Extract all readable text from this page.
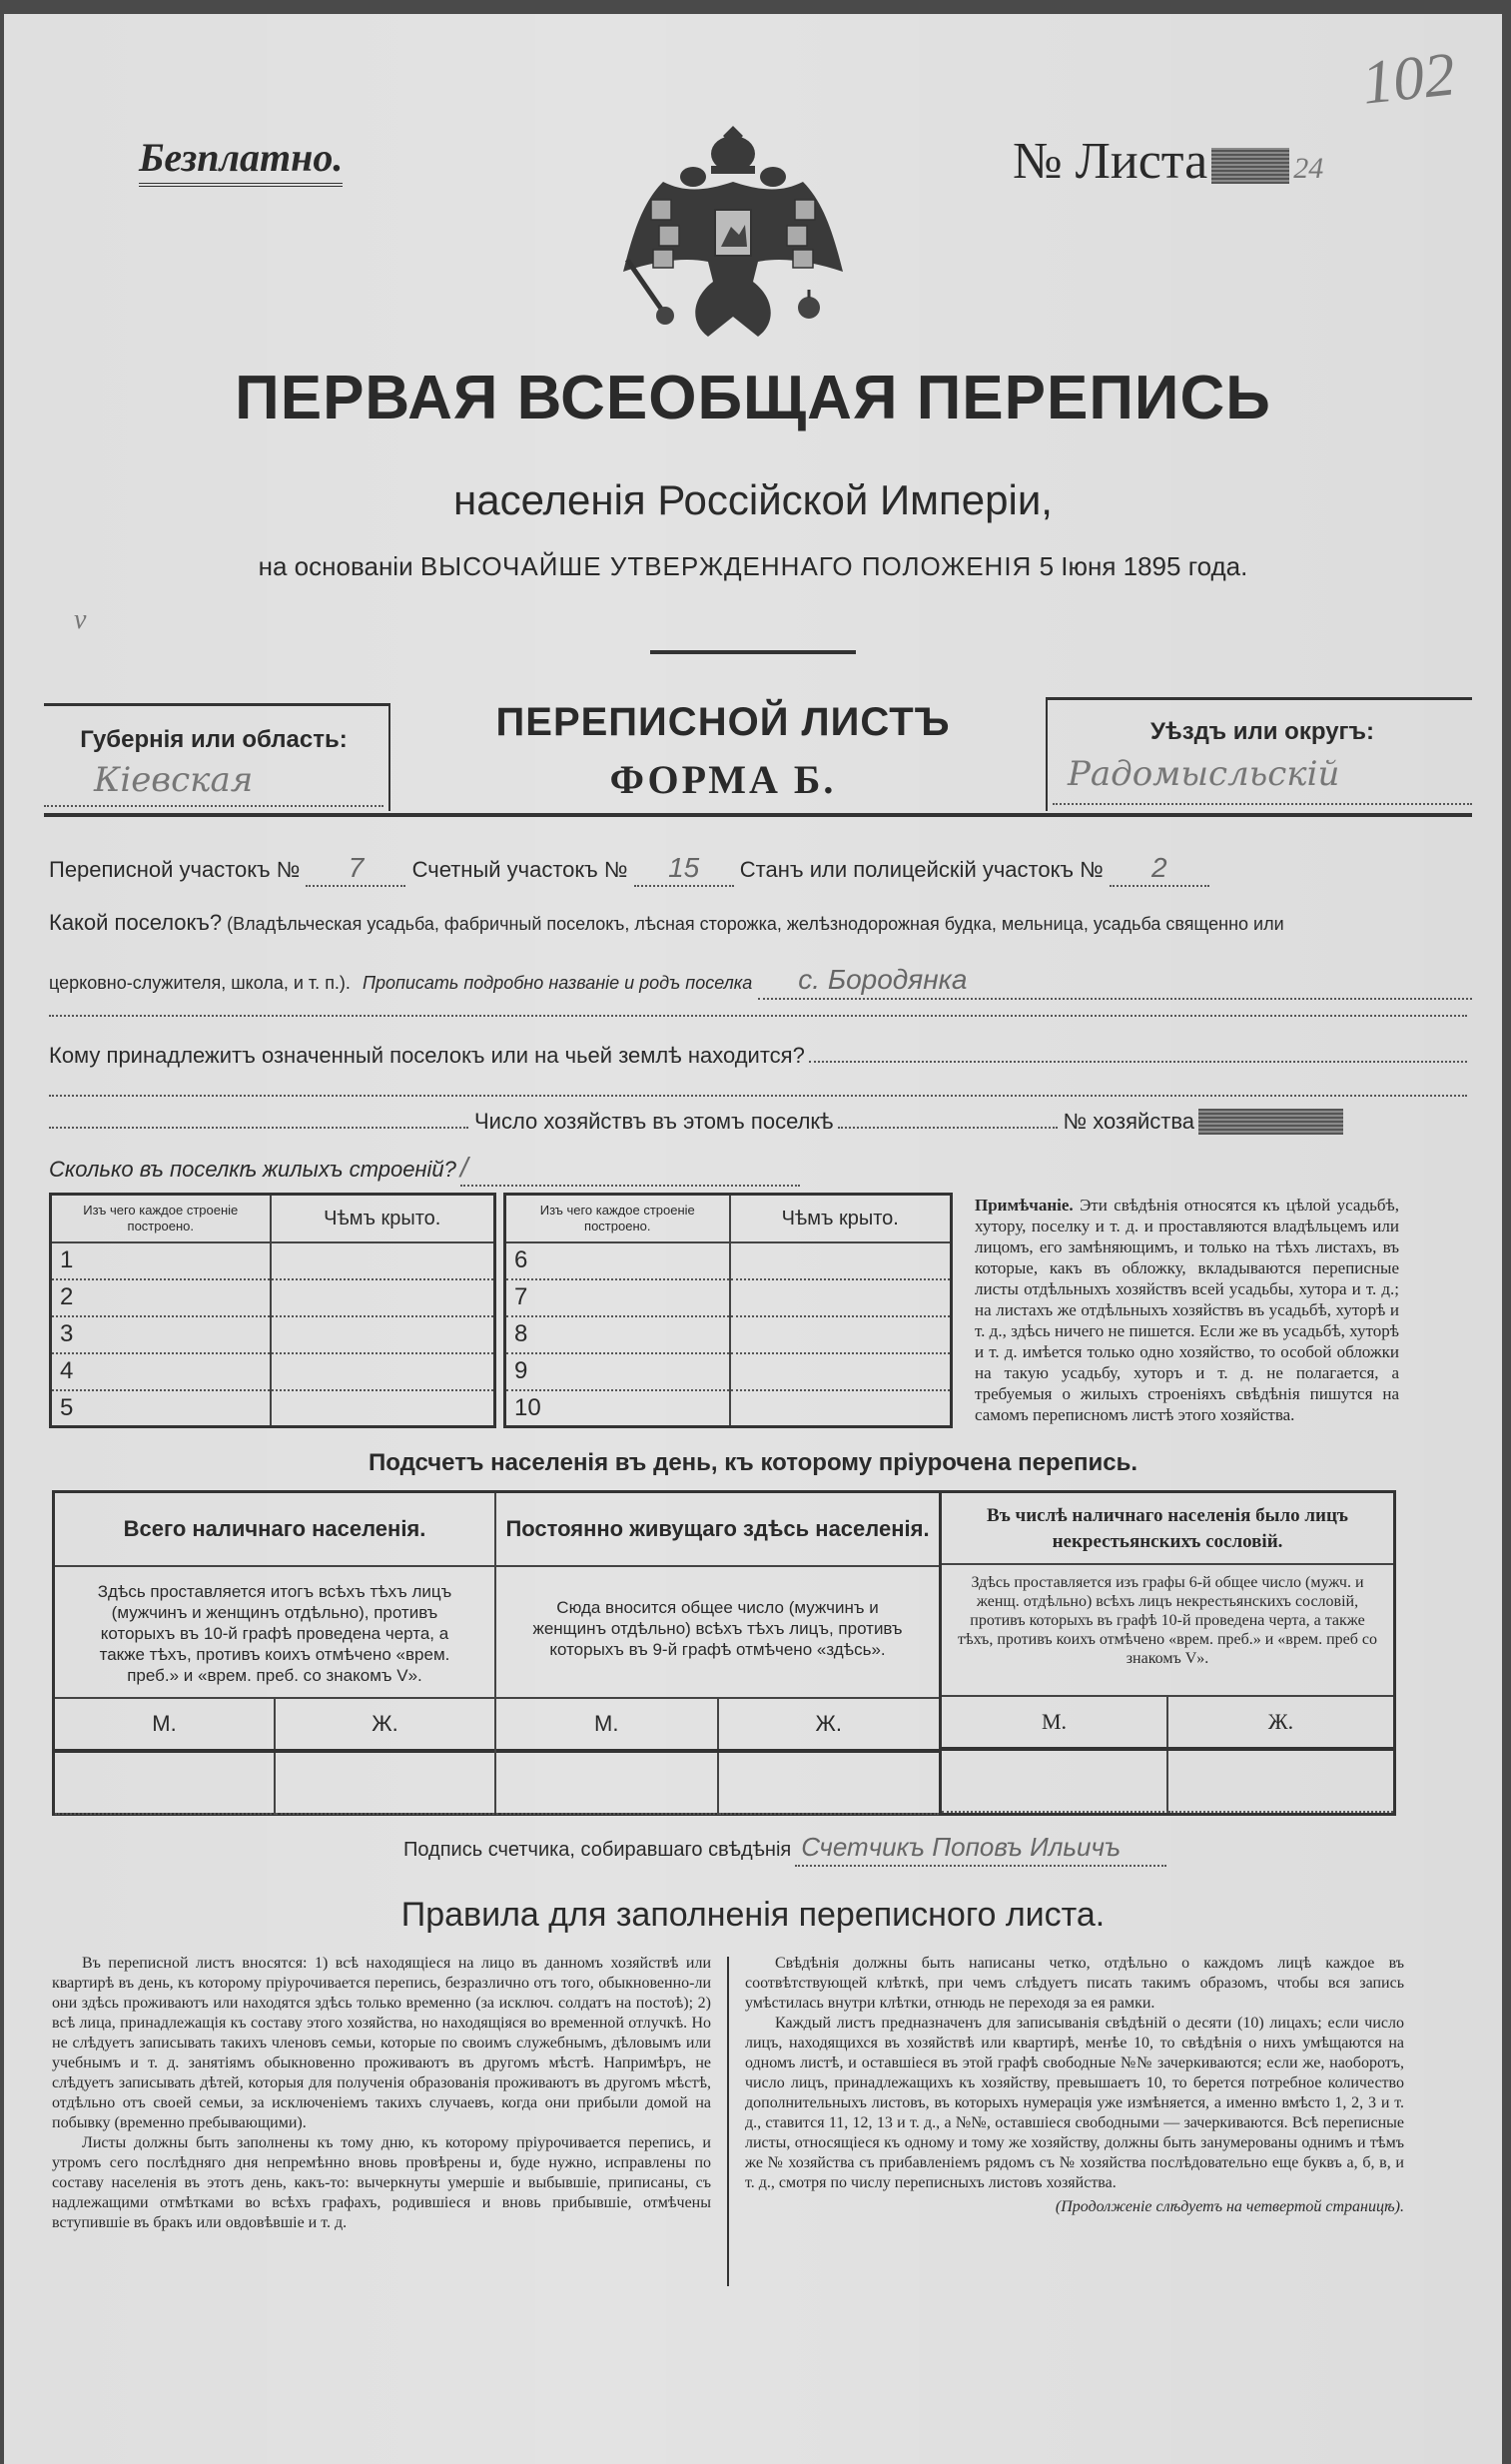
Безплатно.	№ Листа	24
102
ПЕРВАЯ ВСЕОБЩАЯ ПЕРЕПИСЬ
населенія Россійской Имперіи,
на основаніи ВЫСОЧАЙШЕ УТВЕРЖДЕННАГО ПОЛОЖЕНІЯ 5 Іюня 1895 года.
v
Губернія или область:
Кіевская
ПЕРЕПИСНОЙ ЛИСТЪ
ФОРМА Б.
Уѣздъ или округъ:
Радомысльскій
Переписной участокъ № 7 Счетный участокъ № 15 Станъ или полицейскій участокъ № 2
Какой поселокъ? (Владѣльческая усадьба, фабричный поселокъ, лѣсная сторожка, желѣзнодорожная будка, мельница, усадьба священно или
церковно-служителя, школа, и т. п.). Прописать подробно названіе и родъ поселка	с. Бородянка
Кому принадлежитъ означенный поселокъ или на чьей землѣ находится?
Число хозяйствъ въ этомъ поселкѣ	№ хозяйства
Сколько въ поселкѣ жилыхъ строеній? /
Изъ чего каждое строеніе построено.	Чѣмъ крыто.
1	
2	
3	
4	
5	
Изъ чего каждое строеніе построено.	Чѣмъ крыто.
6	
7	
8	
9	
10	
Примѣчаніе. Эти свѣдѣнія относятся къ цѣлой усадьбѣ, хутору, поселку и т. д. и проставляются владѣльцемъ или лицомъ, его замѣняющимъ, и только на тѣхъ листахъ, въ которые, какъ въ обложку, вкладываются переписные листы отдѣльныхъ хозяйствъ всей усадьбы, хутора и т. д.; на листахъ же отдѣльныхъ хозяйствъ въ усадьбѣ, хуторѣ и т. д., здѣсь ничего не пишется. Если же въ усадьбѣ, хуторѣ и т. д. имѣется только одно хозяйство, то особой обложки на такую усадьбу, хуторъ и т. д. не полагается, а требуемыя о жилыхъ строеніяхъ свѣдѣнія пишутся на самомъ переписномъ листѣ этого хозяйства.
Подсчетъ населенія въ день, къ которому пріурочена перепись.
Всего наличнаго населенія.
Здѣсь проставляется итогъ всѣхъ тѣхъ лицъ (мужчинъ и женщинъ отдѣльно), противъ которыхъ въ 10-й графѣ проведена черта, а также тѣхъ, противъ коихъ отмѣчено «врем. преб.» и «врем. преб. со знакомъ V».
М.	Ж.
Постоянно живущаго здѣсь населенія.
Сюда вносится общее число (мужчинъ и женщинъ отдѣльно) всѣхъ тѣхъ лицъ, противъ которыхъ въ 9-й графѣ отмѣчено «здѣсь».
М.	Ж.
Въ числѣ наличнаго населенія было лицъ некрестьянскихъ сословій.
Здѣсь проставляется изъ графы 6-й общее число (мужч. и женщ. отдѣльно) всѣхъ лицъ некрестьянскихъ сословій, противъ которыхъ въ графѣ 10-й проведена черта, а также тѣхъ, противъ коихъ отмѣчено «врем. преб.» и «врем. преб со знакомъ V».
М.	Ж.
Подпись счетчика, собиравшаго свѣдѣнія Счетчикъ Поповъ Ильичъ
Правила для заполненія переписного листа.

Въ переписной листъ вносятся: 1) всѣ находящіеся на лицо въ данномъ хозяйствѣ или квартирѣ въ день, къ которому пріурочивается перепись, безразлично отъ того, обыкновенно-ли они здѣсь проживаютъ или находятся здѣсь только временно (за исключ. солдатъ на постоѣ); 2) всѣ лица, принадлежащія къ составу этого хозяйства, но находящіяся во временной отлучкѣ. Но не слѣдуетъ записывать такихъ членовъ семьи, которые по своимъ служебнымъ, дѣловымъ или учебнымъ и т. д. занятіямъ обыкновенно проживаютъ въ другомъ мѣстѣ. Напримѣръ, не слѣдуетъ записывать дѣтей, которыя для полученія образованія проживаютъ въ другомъ мѣстѣ, отдѣльно отъ своей семьи, за исключеніемъ такихъ случаевъ, когда они прибыли домой на побывку (временно пребывающими).

Листы должны быть заполнены къ тому дню, къ которому пріурочивается перепись, и утромъ сего послѣдняго дня непремѣнно вновь провѣрены и, буде нужно, исправлены по составу населенія въ этотъ день, какъ-то: вычеркнуты умершіе и выбывшіе, приписаны, съ надлежащими отмѣтками во всѣхъ графахъ, родившіеся и вновь прибывшіе, отмѣчены вступившіе въ бракъ или овдовѣвшіе и т. д.

Свѣдѣнія должны быть написаны четко, отдѣльно о каждомъ лицѣ каждое въ соотвѣтствующей клѣткѣ, при чемъ слѣдуетъ писать такимъ образомъ, чтобы вся запись умѣстилась внутри клѣтки, отнюдь не переходя за ея рамки.

Каждый листъ предназначенъ для записыванія свѣдѣній о десяти (10) лицахъ; если число лицъ, находящихся въ хозяйствѣ или квартирѣ, менѣе 10, то свѣдѣнія о нихъ умѣщаются на одномъ листѣ, и оставшіеся въ этой графѣ свободные №№ зачеркиваются; если же, наоборотъ, число лицъ, принадлежащихъ къ хозяйству, превышаетъ 10, то берется потребное количество дополнительныхъ листовъ, въ которыхъ нумерація уже измѣняется, а именно вмѣсто 1, 2, 3 и т. д., ставится 11, 12, 13 и т. д., а №№, оставшіеся свободными — зачеркиваются. Всѣ переписные листы, относящіеся къ одному и тому же хозяйству, должны быть занумерованы однимъ и тѣмъ же № хозяйства съ прибавленіемъ рядомъ съ № хозяйства послѣдовательно еще буквъ а, б, в, и т. д., смотря по числу переписныхъ листовъ хозяйства.

(Продолженіе слѣдуетъ на четвертой страницѣ).
